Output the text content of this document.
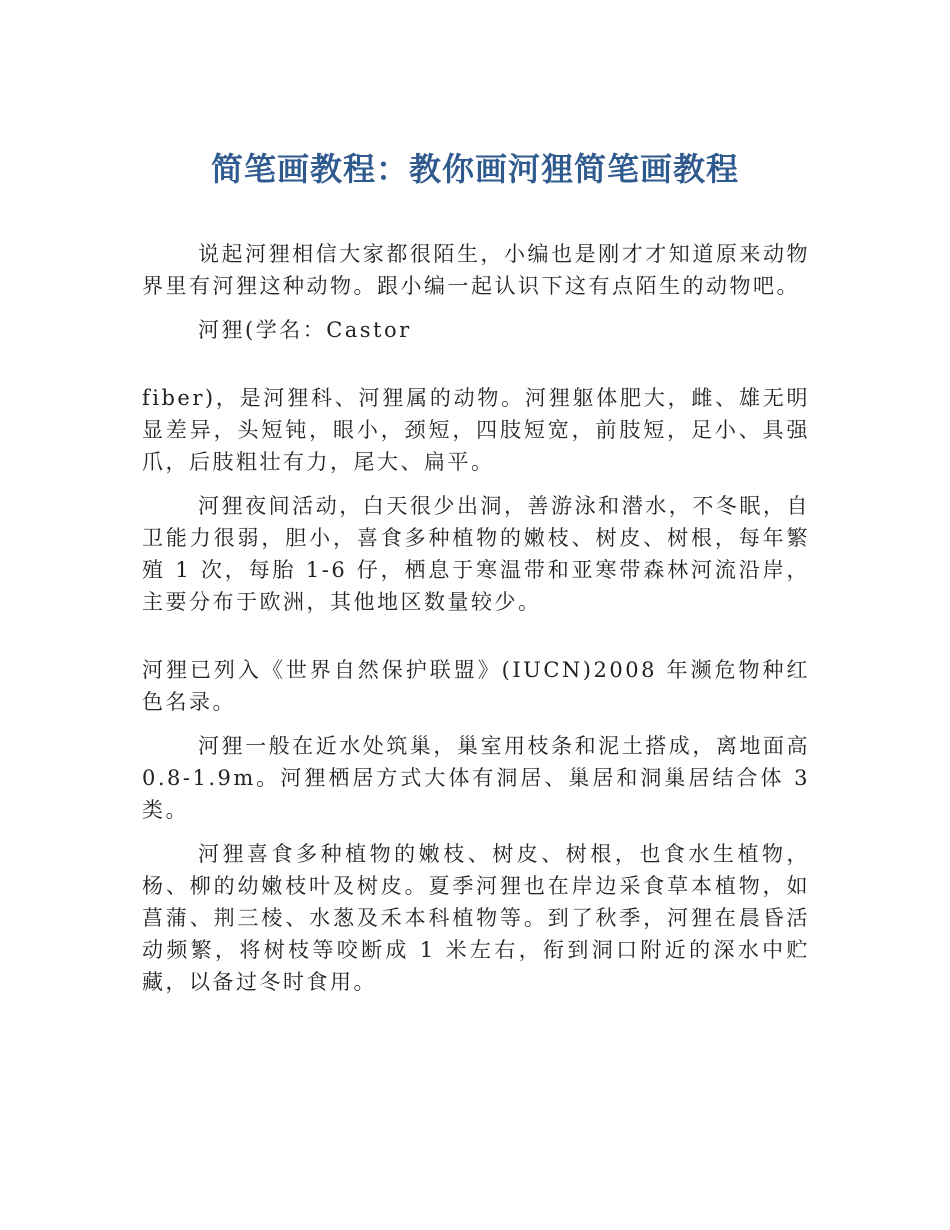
简笔画教程：教你画河狸简笔画教程

说起河狸相信大家都很陌生，小编也是刚才才知道原来动物界里有河狸这种动物。跟小编一起认识下这有点陌生的动物吧。

河狸(学名：Castor

fiber)，是河狸科、河狸属的动物。河狸躯体肥大，雌、雄无明显差异，头短钝，眼小，颈短，四肢短宽，前肢短，足小、具强爪，后肢粗壮有力，尾大、扁平。

河狸夜间活动，白天很少出洞，善游泳和潜水，不冬眠，自卫能力很弱，胆小，喜食多种植物的嫩枝、树皮、树根，每年繁殖 1 次，每胎 1-6 仔，栖息于寒温带和亚寒带森林河流沿岸，主要分布于欧洲，其他地区数量较少。

河狸已列入《世界自然保护联盟》(IUCN)2008 年濒危物种红色名录。

河狸一般在近水处筑巢，巢室用枝条和泥土搭成，离地面高 0.8-1.9m。河狸栖居方式大体有洞居、巢居和洞巢居结合体 3 类。

河狸喜食多种植物的嫩枝、树皮、树根，也食水生植物，杨、柳的幼嫩枝叶及树皮。夏季河狸也在岸边采食草本植物，如菖蒲、荆三棱、水葱及禾本科植物等。到了秋季，河狸在晨昏活动频繁，将树枝等咬断成 1 米左右，衔到洞口附近的深水中贮藏，以备过冬时食用。
